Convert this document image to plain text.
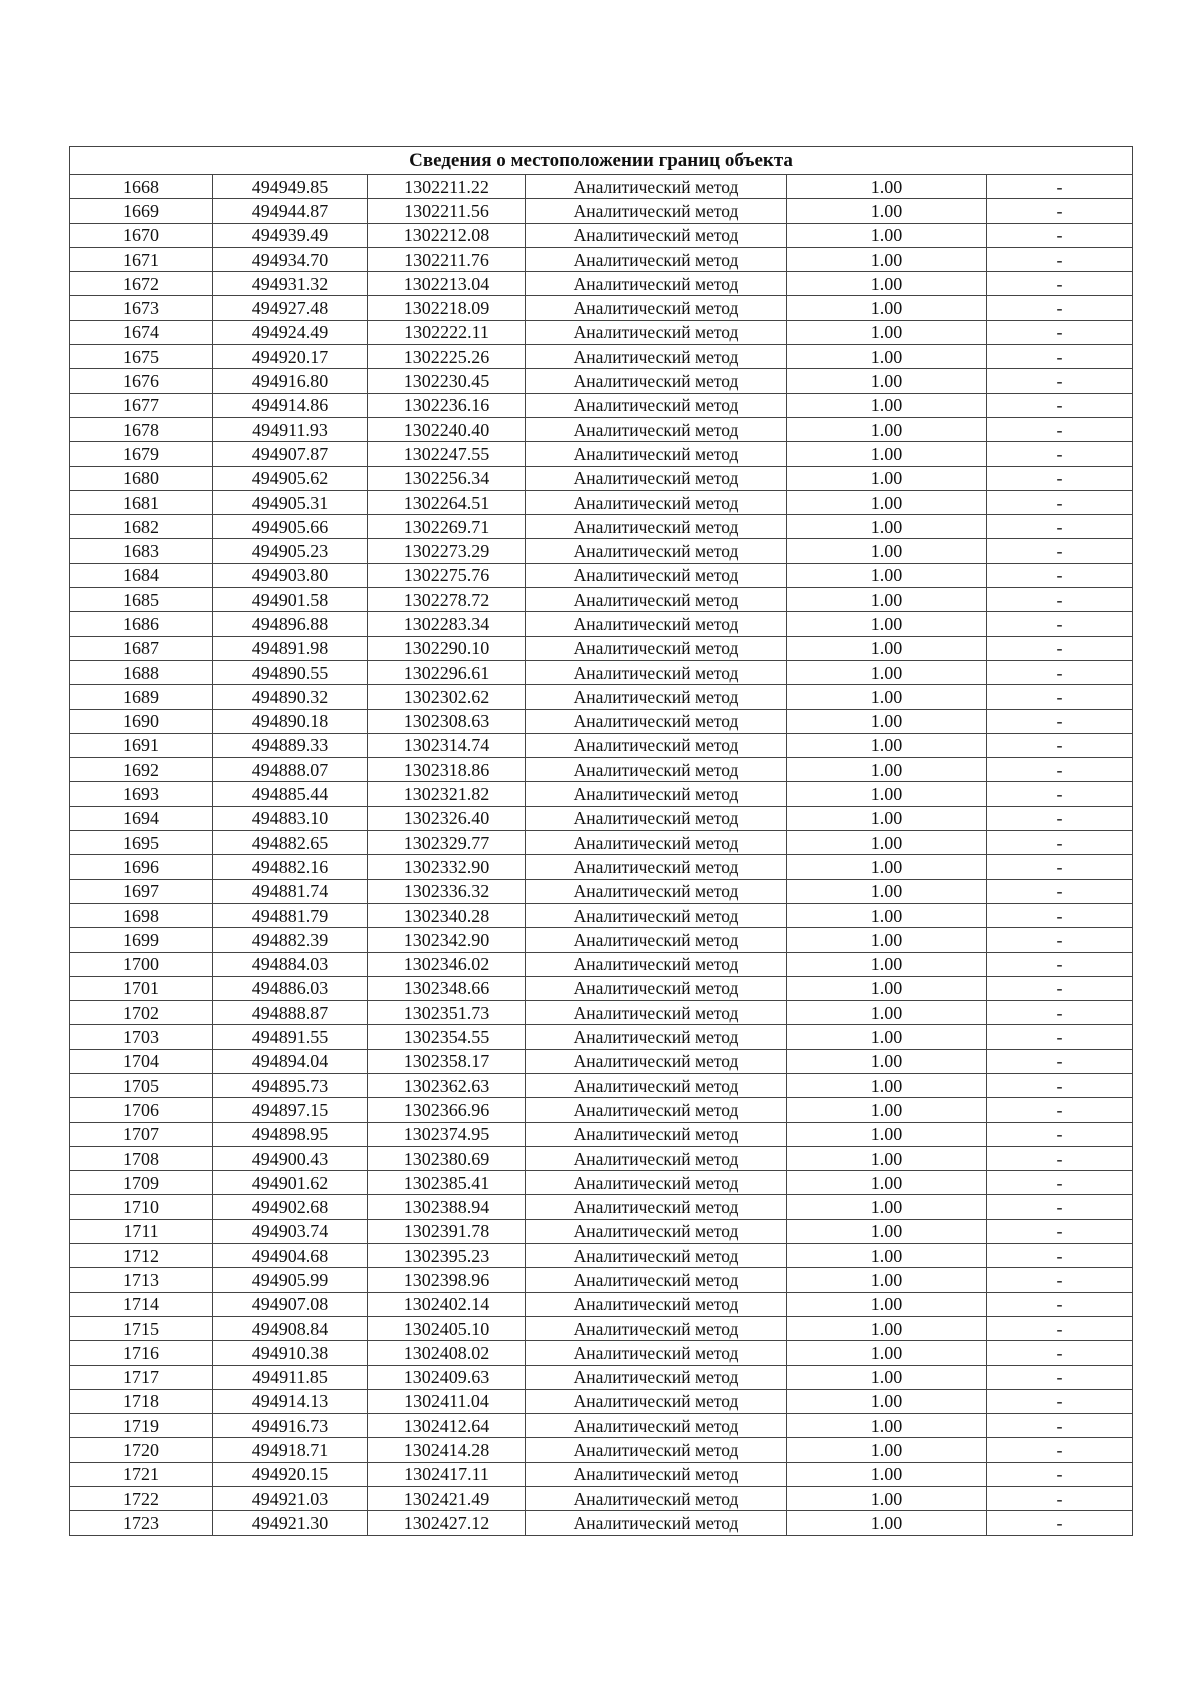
Сведения о местоположении границ объекта					
1668	494949.85	1302211.22	Аналитический метод	1.00	-
1669	494944.87	1302211.56	Аналитический метод	1.00	-
1670	494939.49	1302212.08	Аналитический метод	1.00	-
1671	494934.70	1302211.76	Аналитический метод	1.00	-
1672	494931.32	1302213.04	Аналитический метод	1.00	-
1673	494927.48	1302218.09	Аналитический метод	1.00	-
1674	494924.49	1302222.11	Аналитический метод	1.00	-
1675	494920.17	1302225.26	Аналитический метод	1.00	-
1676	494916.80	1302230.45	Аналитический метод	1.00	-
1677	494914.86	1302236.16	Аналитический метод	1.00	-
1678	494911.93	1302240.40	Аналитический метод	1.00	-
1679	494907.87	1302247.55	Аналитический метод	1.00	-
1680	494905.62	1302256.34	Аналитический метод	1.00	-
1681	494905.31	1302264.51	Аналитический метод	1.00	-
1682	494905.66	1302269.71	Аналитический метод	1.00	-
1683	494905.23	1302273.29	Аналитический метод	1.00	-
1684	494903.80	1302275.76	Аналитический метод	1.00	-
1685	494901.58	1302278.72	Аналитический метод	1.00	-
1686	494896.88	1302283.34	Аналитический метод	1.00	-
1687	494891.98	1302290.10	Аналитический метод	1.00	-
1688	494890.55	1302296.61	Аналитический метод	1.00	-
1689	494890.32	1302302.62	Аналитический метод	1.00	-
1690	494890.18	1302308.63	Аналитический метод	1.00	-
1691	494889.33	1302314.74	Аналитический метод	1.00	-
1692	494888.07	1302318.86	Аналитический метод	1.00	-
1693	494885.44	1302321.82	Аналитический метод	1.00	-
1694	494883.10	1302326.40	Аналитический метод	1.00	-
1695	494882.65	1302329.77	Аналитический метод	1.00	-
1696	494882.16	1302332.90	Аналитический метод	1.00	-
1697	494881.74	1302336.32	Аналитический метод	1.00	-
1698	494881.79	1302340.28	Аналитический метод	1.00	-
1699	494882.39	1302342.90	Аналитический метод	1.00	-
1700	494884.03	1302346.02	Аналитический метод	1.00	-
1701	494886.03	1302348.66	Аналитический метод	1.00	-
1702	494888.87	1302351.73	Аналитический метод	1.00	-
1703	494891.55	1302354.55	Аналитический метод	1.00	-
1704	494894.04	1302358.17	Аналитический метод	1.00	-
1705	494895.73	1302362.63	Аналитический метод	1.00	-
1706	494897.15	1302366.96	Аналитический метод	1.00	-
1707	494898.95	1302374.95	Аналитический метод	1.00	-
1708	494900.43	1302380.69	Аналитический метод	1.00	-
1709	494901.62	1302385.41	Аналитический метод	1.00	-
1710	494902.68	1302388.94	Аналитический метод	1.00	-
1711	494903.74	1302391.78	Аналитический метод	1.00	-
1712	494904.68	1302395.23	Аналитический метод	1.00	-
1713	494905.99	1302398.96	Аналитический метод	1.00	-
1714	494907.08	1302402.14	Аналитический метод	1.00	-
1715	494908.84	1302405.10	Аналитический метод	1.00	-
1716	494910.38	1302408.02	Аналитический метод	1.00	-
1717	494911.85	1302409.63	Аналитический метод	1.00	-
1718	494914.13	1302411.04	Аналитический метод	1.00	-
1719	494916.73	1302412.64	Аналитический метод	1.00	-
1720	494918.71	1302414.28	Аналитический метод	1.00	-
1721	494920.15	1302417.11	Аналитический метод	1.00	-
1722	494921.03	1302421.49	Аналитический метод	1.00	-
1723	494921.30	1302427.12	Аналитический метод	1.00	-
